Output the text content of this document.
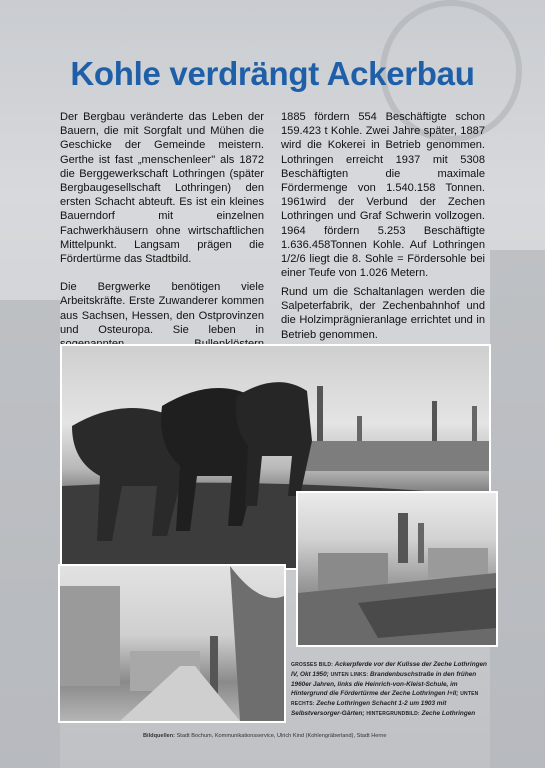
Kohle verdrängt Ackerbau

Der Bergbau veränderte das Leben der Bauern, die mit Sorgfalt und Mühen die Geschicke der Gemeinde meistern. Gerthe ist fast „menschenleer" als 1872 die Berggewerkschaft Lothringen (später Bergbaugesellschaft Lothringen) den ersten Schacht abteuft. Es ist ein kleines Bauerndorf mit einzelnen Fachwerkhäusern ohne wirtschaftlichen Mittelpunkt. Langsam prägen die Fördertürme das Stadtbild.

Die Bergwerke benötigen viele Arbeitskräfte. Erste Zuwanderer kommen aus Sachsen, Hessen, den Ostprovinzen und Osteuropa. Sie leben in

1885 fördern 554 Beschäftigte schon 159.423 t Kohle. Zwei Jahre später, 1887 wird die Kokerei in Betrieb genommen. Lothringen erreicht 1937 mit 5308 Beschäftigten die maximale Fördermenge von 1.540.158 Tonnen. 1961wird der Verbund der Zechen Lothringen und Graf Schwerin vollzogen. 1964 fördern 5.253 Beschäftigte 1.636.458Tonnen Kohle. Auf Lothringen 1/2/6 liegt die 8. Sohle = Fördersohle bei einer Teufe von 1.026 Metern.

Rund um die Schaltanlagen werden die Salpeterfabrik, der Zechenbahnhof und die Holzimprägnieranlage errichtet und in Betrieb genommen.

GROSSES BILD: Ackerpferde vor der Kulisse der Zeche Lothringen IV, Okt 1950; UNTEN LINKS: Brandenbuschstraße in den frühen 1960er Jahren, links die Heinrich-von-Kleist-Schule, im Hintergrund die Fördertürme der Zeche Lothringen I+II; UNTEN RECHTS: Zeche Lothringen Schacht 1-2 um 1903 mit Selbstversorger-Gärten; HINTERGRUNDBILD: Zeche Lothringen
Bildquellen: Stadt Bochum, Kommunikationsservice, Ulrich Kind (Kohlengräberland), Stadt Herne
